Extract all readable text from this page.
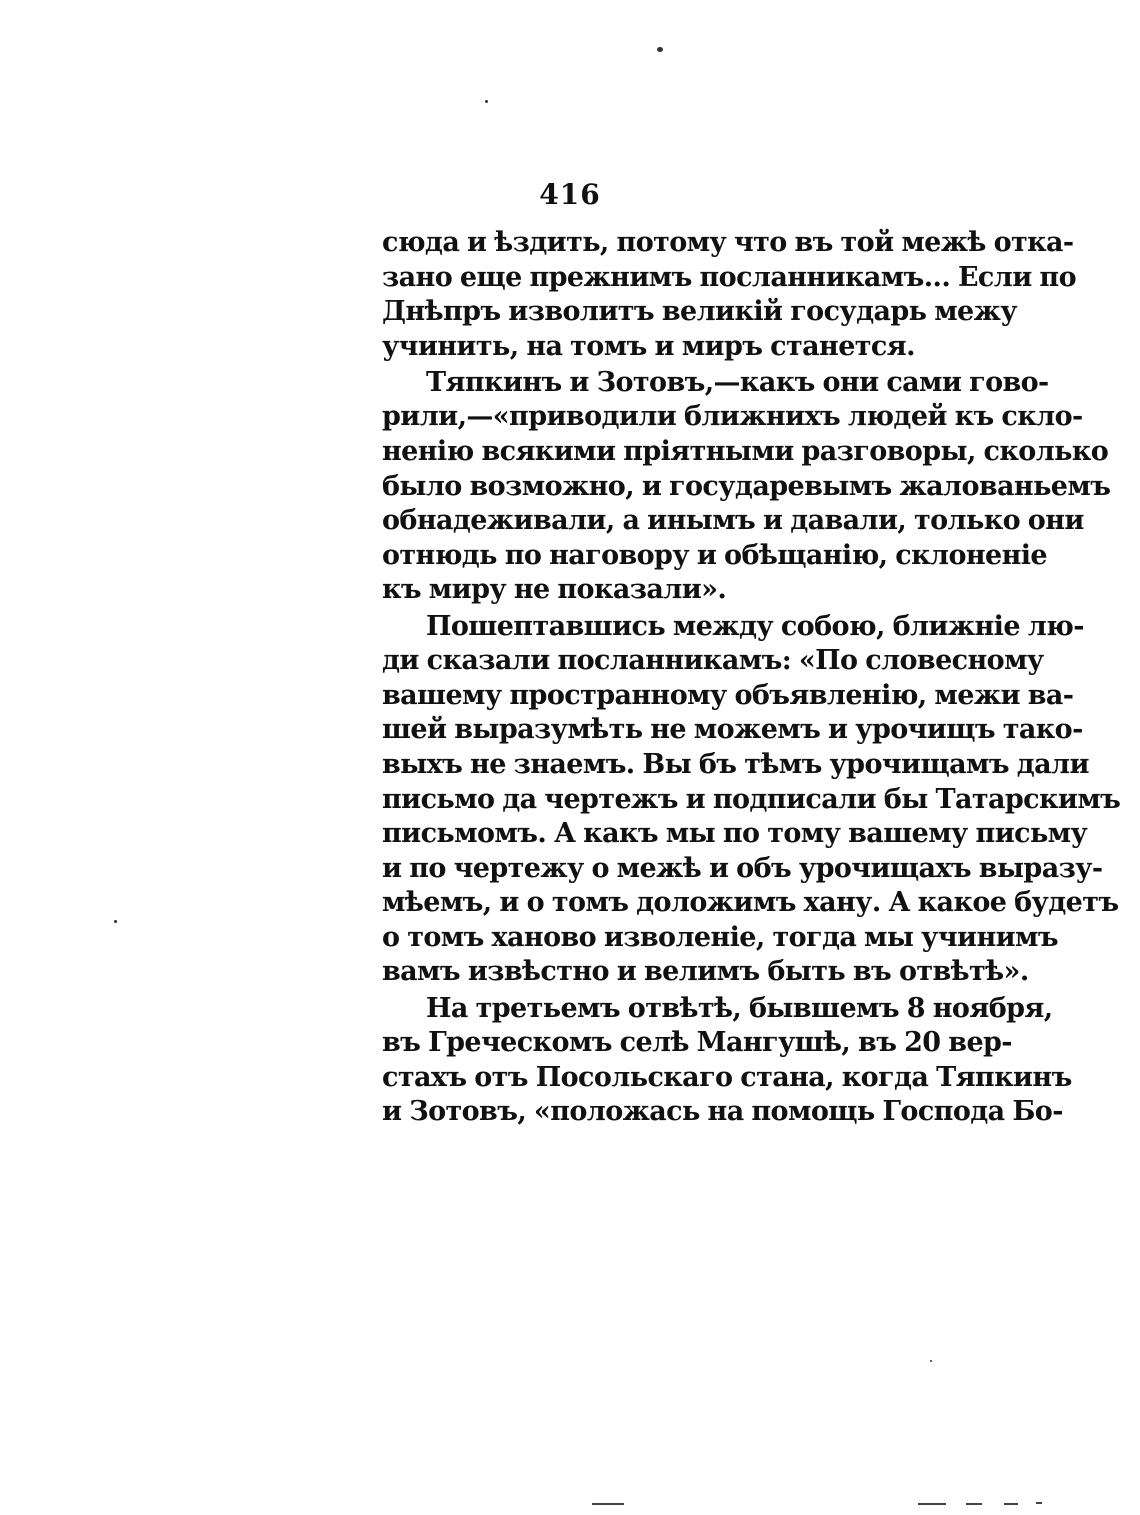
416
сюда и ѣздить, потому что въ той межѣ отка-
зано еще прежнимъ посланникамъ... Если по
Днѣпръ изволитъ великій государь межу
учинить, на томъ и миръ станется.
Тяпкинъ и Зотовъ,—какъ они сами гово-
рили,—«приводили ближнихъ людей къ скло-
ненію всякими пріятными разговоры, сколько
было возможно, и государевымъ жалованьемъ
обнадеживали, а инымъ и давали, только они
отнюдь по наговору и обѣщанію, склоненіе
къ миру не показали».
Пошептавшись между собою, ближніе лю-
ди сказали посланникамъ: «По словесному
вашему пространному объявленію, межи ва-
шей выразумѣть не можемъ и урочищъ тако-
выхъ не знаемъ. Вы бъ тѣмъ урочищамъ дали
письмо да чертежъ и подписали бы Татарскимъ
письмомъ. А какъ мы по тому вашему письму
и по чертежу о межѣ и объ урочищахъ выразу-
мѣемъ, и о томъ доложимъ хану. А какое будетъ
о томъ ханово изволеніе, тогда мы учинимъ
вамъ извѣстно и велимъ быть въ отвѣтѣ».
На третьемъ отвѣтѣ, бывшемъ 8 ноября,
въ Греческомъ селѣ Мангушѣ, въ 20 вер-
стахъ отъ Посольскаго стана, когда Тяпкинъ
и Зотовъ, «положась на помощь Господа Бо-
